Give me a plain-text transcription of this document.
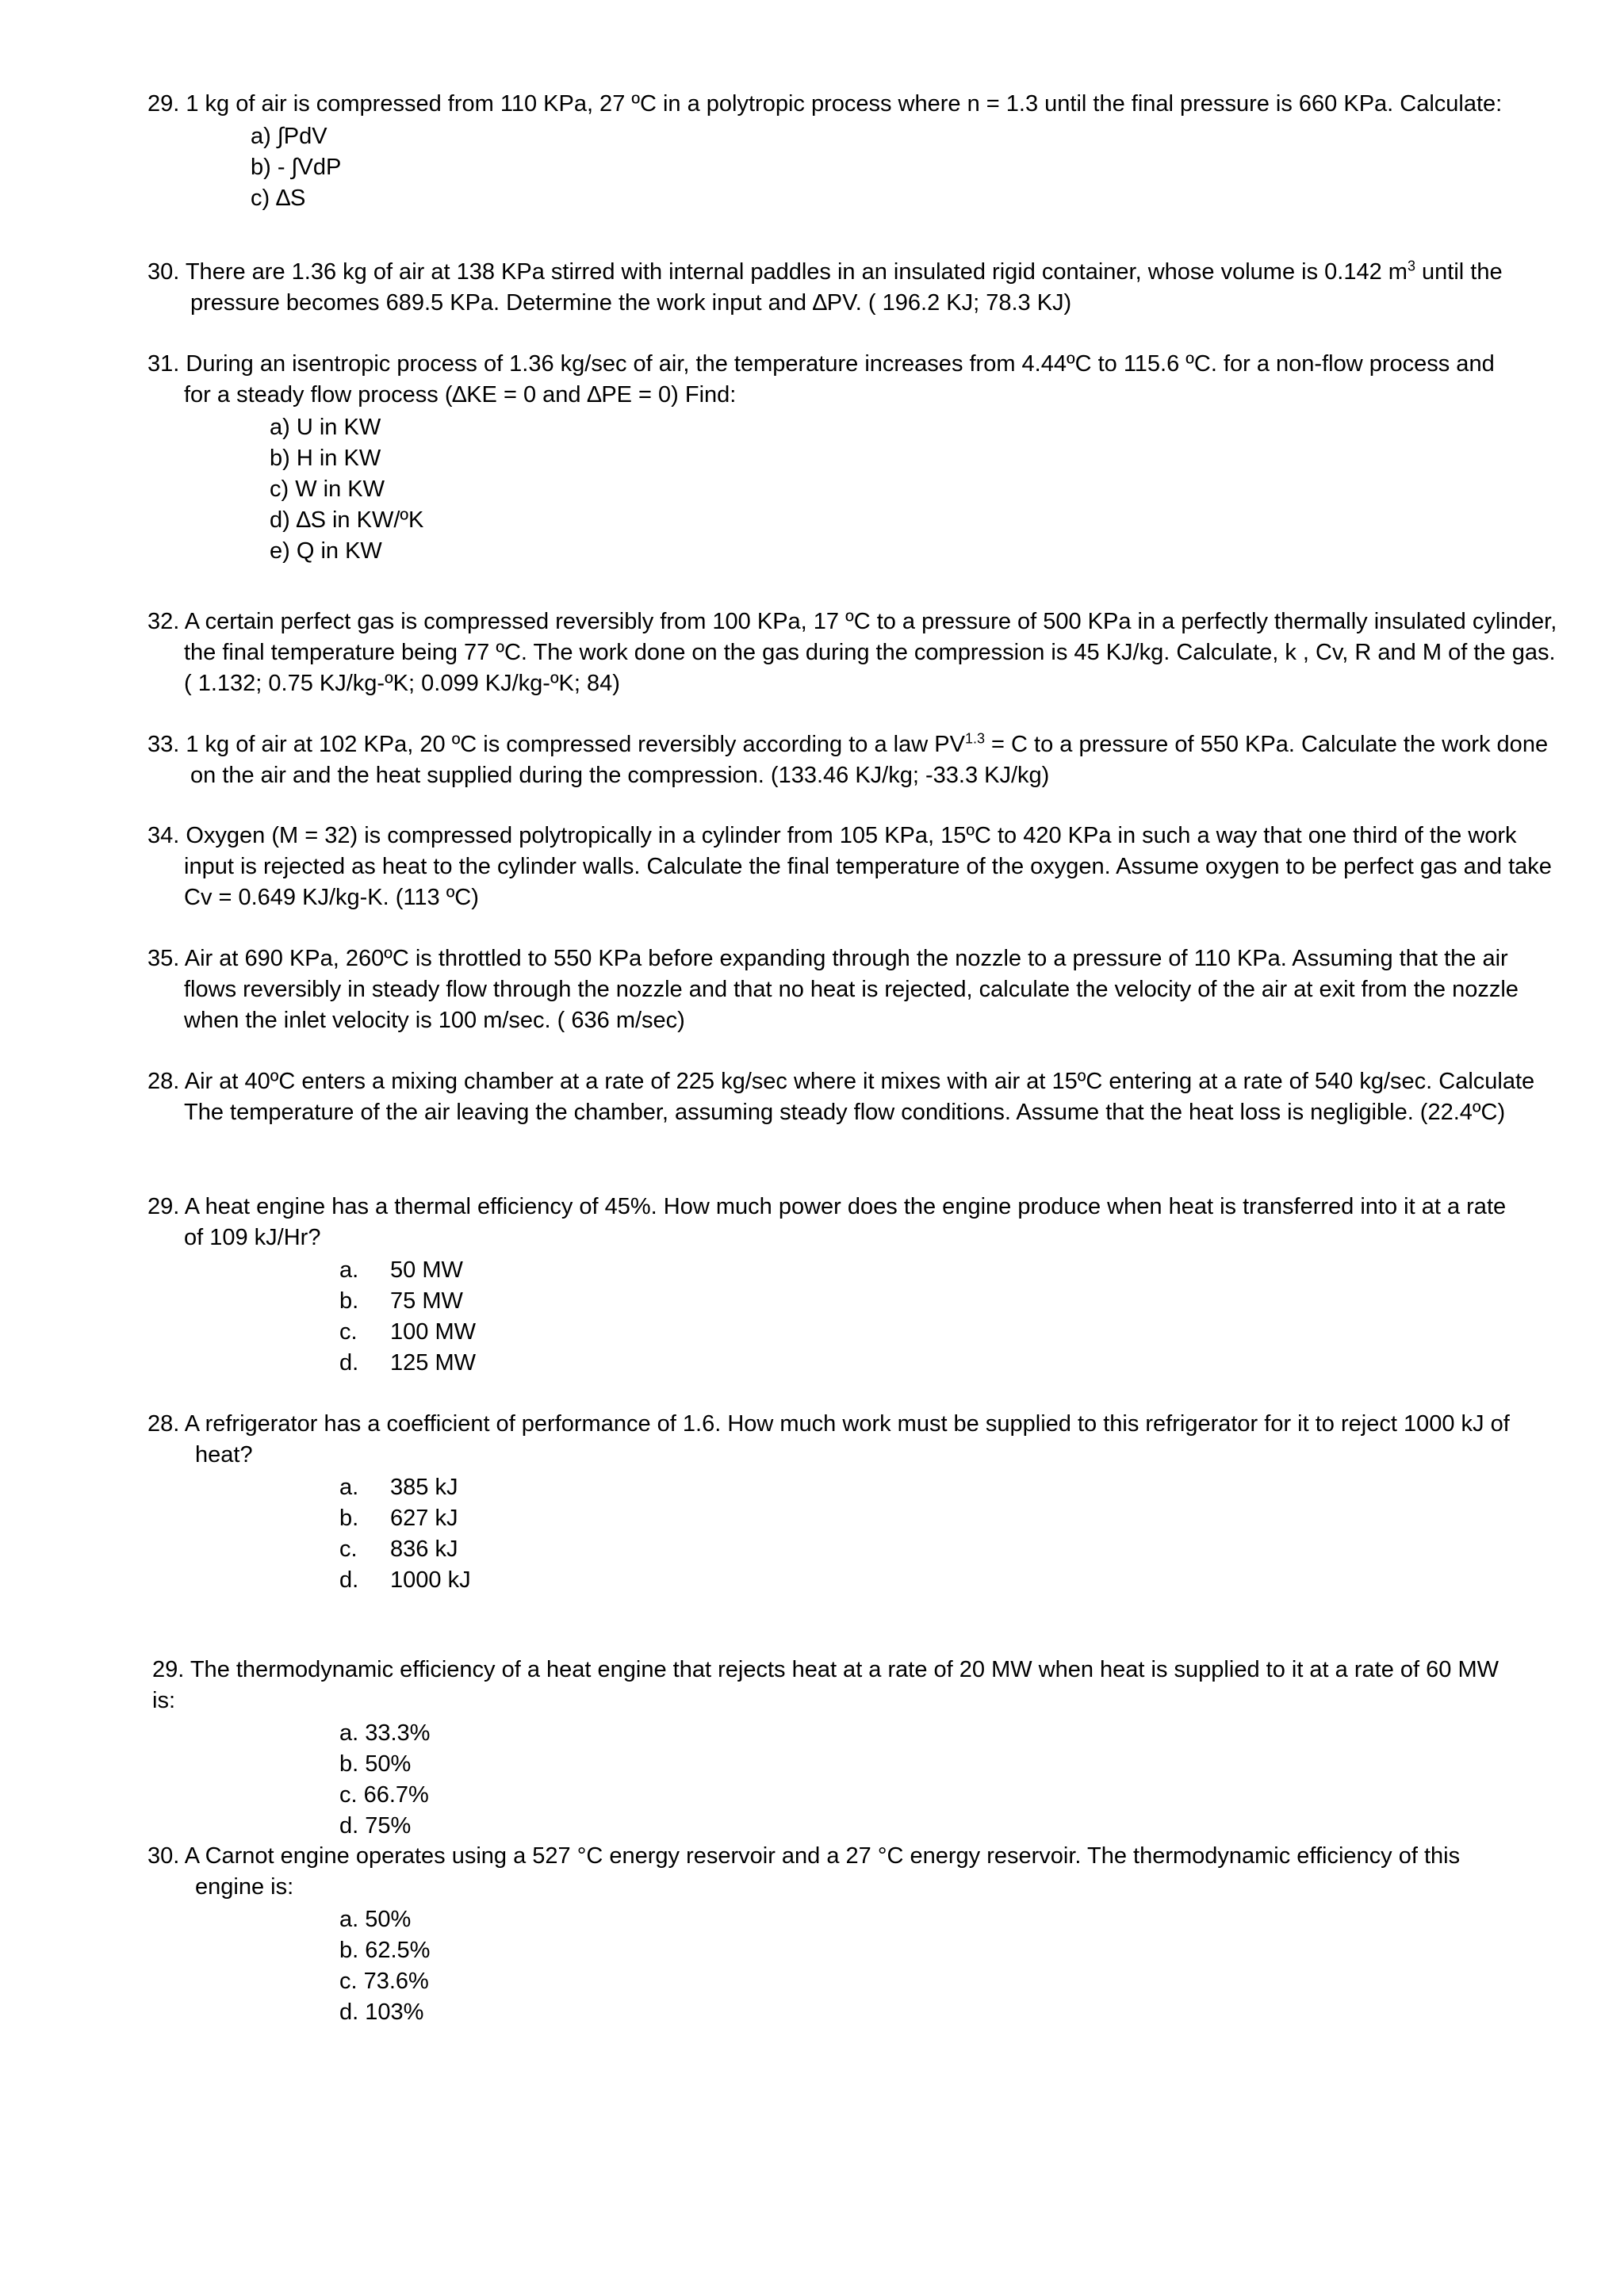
29. 1 kg of air is compressed from 110 KPa, 27 ºC in a polytropic process where n = 1.3 until the final pressure is 660 KPa. Calculate:
a) ∫PdV
b) - ∫VdP
c) ∆S
30. There are 1.36 kg of air at 138 KPa stirred with internal paddles in an insulated rigid container, whose volume is 0.142 $m^3$ until the pressure becomes 689.5 KPa. Determine the work input and ∆PV. ( 196.2 KJ; 78.3 KJ)
31. During an isentropic process of 1.36 kg/sec of air, the temperature increases from 4.44ºC to 115.6 ºC. for a non-flow process and for a steady flow process (∆KE = 0 and ∆PE = 0) Find:
a) U in KW
b) H in KW
c) W in KW
d) ∆S in KW/ºK
e) Q in KW
32. A certain perfect gas is compressed reversibly from 100 KPa, 17 ºC to a pressure of 500 KPa in a perfectly thermally insulated cylinder, the final temperature being 77 ºC. The work done on the gas during the compression is 45 KJ/kg. Calculate, k , Cv, R and M of the gas. ( 1.132; 0.75 KJ/kg-ºK; 0.099 KJ/kg-ºK; 84)
33. 1 kg of air at 102 KPa, 20 ºC is compressed reversibly according to a law $PV^{1.3} = C$ to a pressure of 550 KPa. Calculate the work done on the air and the heat supplied during the compression. (133.46 KJ/kg; -33.3 KJ/kg)
34. Oxygen (M = 32) is compressed polytropically in a cylinder from 105 KPa, 15ºC to 420 KPa in such a way that one third of the work input is rejected as heat to the cylinder walls. Calculate the final temperature of the oxygen. Assume oxygen to be perfect gas and take Cv = 0.649 KJ/kg-K. (113 ºC)
35. Air at 690 KPa, 260ºC is throttled to 550 KPa before expanding through the nozzle to a pressure of 110 KPa. Assuming that the air flows reversibly in steady flow through the nozzle and that no heat is rejected, calculate the velocity of the air at exit from the nozzle when the inlet velocity is 100 m/sec. ( 636 m/sec)
28. Air at 40ºC enters a mixing chamber at a rate of 225 kg/sec where it mixes with air at 15ºC entering at a rate of 540 kg/sec. Calculate The temperature of the air leaving the chamber, assuming steady flow conditions. Assume that the heat loss is negligible. (22.4ºC)
29. A heat engine has a thermal efficiency of 45%. How much power does the engine produce when heat is transferred into it at a rate of 109 kJ/Hr?
a. 50 MW
b. 75 MW
c. 100 MW
d. 125 MW
28. A refrigerator has a coefficient of performance of 1.6. How much work must be supplied to this refrigerator for it to reject 1000 kJ of heat?
a. 385 kJ
b. 627 kJ
c. 836 kJ
d. 1000 kJ
29. The thermodynamic efficiency of a heat engine that rejects heat at a rate of 20 MW when heat is supplied to it at a rate of 60 MW is:
a. 33.3%
b. 50%
c. 66.7%
d. 75%
30. A Carnot engine operates using a 527 °C energy reservoir and a 27 °C energy reservoir. The thermodynamic efficiency of this engine is:
a. 50%
b. 62.5%
c. 73.6%
d. 103%
